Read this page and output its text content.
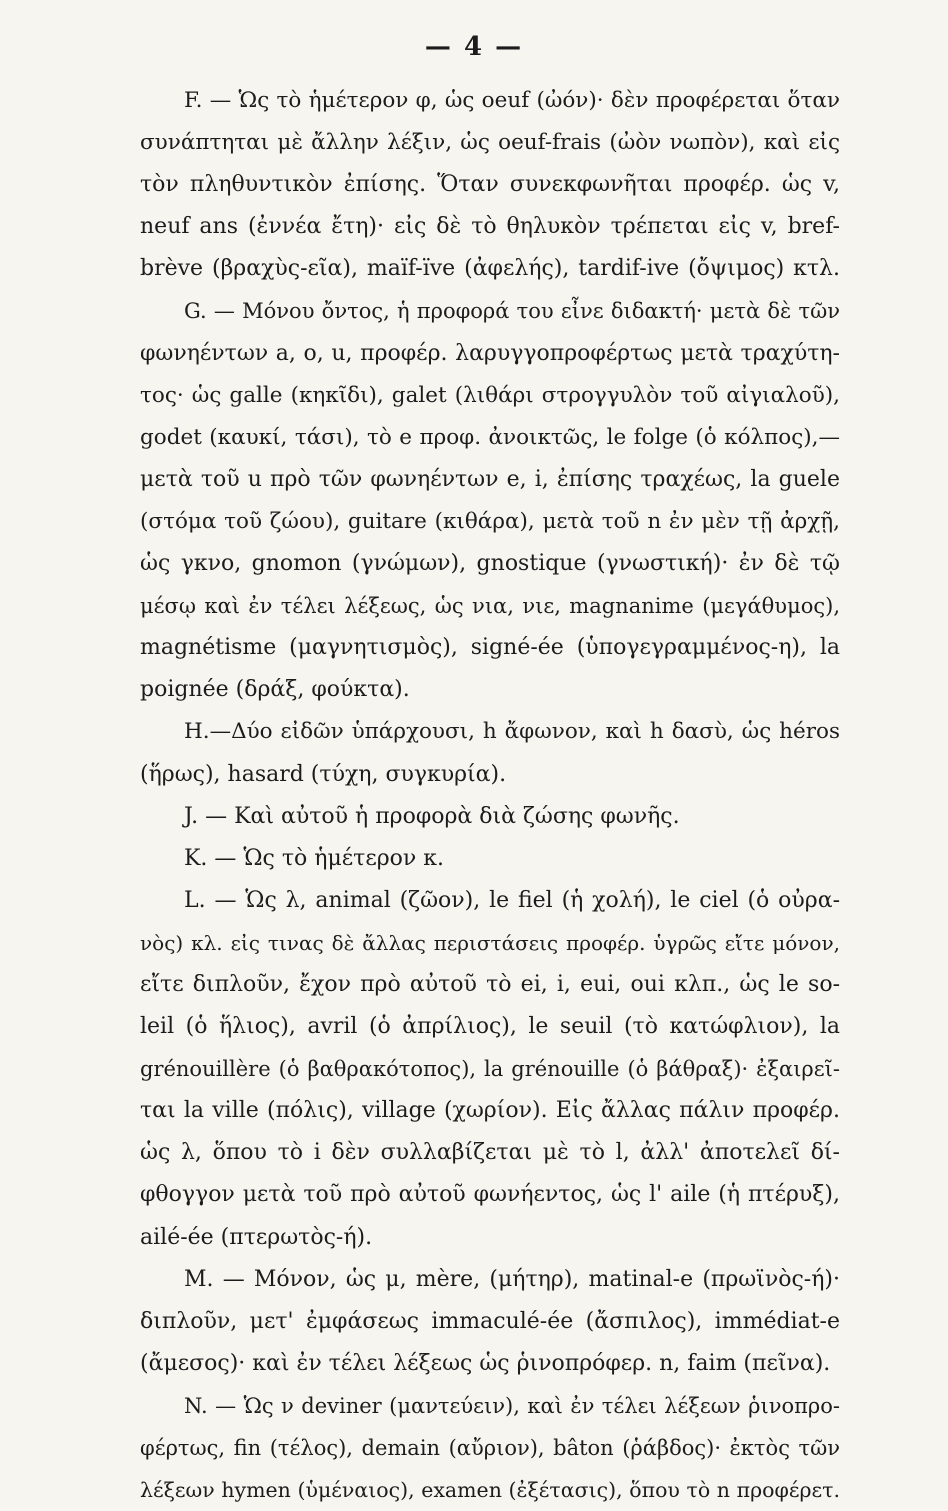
— 4 —
F. — Ὡς τὸ ἡμέτερον φ, ὡς oeuf (ὠόν)· δὲν προφέρεται ὅταν
συνάπτηται μὲ ἄλλην λέξιν, ὡς oeuf-frais (ὠὸν νωπὸν), καὶ εἰς
τὸν πληθυντικὸν ἐπίσης. Ὅταν συνεκφωνῆται προφέρ. ὡς v,
neuf ans (ἐννέα ἔτη)· εἰς δὲ τὸ θηλυκὸν τρέπεται εἰς v, bref-
brève (βραχὺς-εῖα), maïf-ïve (ἀφελής), tardif-ive (ὄψιμος) κτλ.
G. — Μόνου ὄντος, ἡ προφορά του εἶνε διδακτή· μετὰ δὲ τῶν
φωνηέντων a, o, u, προφέρ. λαρυγγοπροφέρτως μετὰ τραχύτη-
τος· ὡς galle (κηκῖδι), galet (λιθάρι στρογγυλὸν τοῦ αἰγιαλοῦ),
godet (καυκί, τάσι), τὸ e προφ. ἀνοικτῶς, le folge (ὁ κόλπος),—
μετὰ τοῦ u πρὸ τῶν φωνηέντων e, i, ἐπίσης τραχέως, la guele
(στόμα τοῦ ζώου), guitare (κιθάρα), μετὰ τοῦ n ἐν μὲν τῇ ἀρχῇ,
ὡς γκνο, gnomon (γνώμων), gnostique (γνωστική)· ἐν δὲ τῷ
μέσῳ καὶ ἐν τέλει λέξεως, ὡς νια, νιε, magnanime (μεγάθυμος),
magnétisme (μαγνητισμὸς), signé-ée (ὑπογεγραμμένος-η), la
poignée (δράξ, φούκτα).
H.—Δύο εἰδῶν ὑπάρχουσι, h ἄφωνον, καὶ h δασὺ, ὡς héros
(ἥρως), hasard (τύχη, συγκυρία).
J. — Καὶ αὐτοῦ ἡ προφορὰ διὰ ζώσης φωνῆς.
K. — Ὡς τὸ ἡμέτερον κ.
L. — Ὡς λ, animal (ζῶον), le fiel (ἡ χολή), le ciel (ὁ οὐρα-
νὸς) κλ. εἰς τινας δὲ ἄλλας περιστάσεις προφέρ. ὑγρῶς εἴτε μόνον,
εἴτε διπλοῦν, ἔχον πρὸ αὐτοῦ τὸ ei, i, eui, oui κλπ., ὡς le so-
leil (ὁ ἥλιος), avril (ὁ ἀπρίλιος), le seuil (τὸ κατώφλιον), la
grénouillère (ὁ βαθρακότοπος), la grénouille (ὁ βάθραξ)· ἐξαιρεῖ-
ται la ville (πόλις), village (χωρίον). Εἰς ἄλλας πάλιν προφέρ.
ὡς λ, ὅπου τὸ i δὲν συλλαβίζεται μὲ τὸ l, ἀλλ' ἀποτελεῖ δί-
φθογγον μετὰ τοῦ πρὸ αὐτοῦ φωνήεντος, ὡς l' aile (ἡ πτέρυξ),
ailé-ée (πτερωτὸς-ή).
M. — Μόνον, ὡς μ, mère, (μήτηρ), matinal-e (πρωϊνὸς-ή)·
διπλοῦν, μετ' ἐμφάσεως immaculé-ée (ἄσπιλος), immédiat-e
(ἄμεσος)· καὶ ἐν τέλει λέξεως ὡς ῥινοπρόφερ. n, faim (πεῖνα).
N. — Ὡς ν deviner (μαντεύειν), καὶ ἐν τέλει λέξεων ῥινοπρο-
φέρτως, fin (τέλος), demain (αὔριον), bâton (ῥάβδος)· ἐκτὸς τῶν
λέξεων hymen (ὑμέναιος), examen (ἐξέτασις), ὅπου τὸ n προφέρετ.
